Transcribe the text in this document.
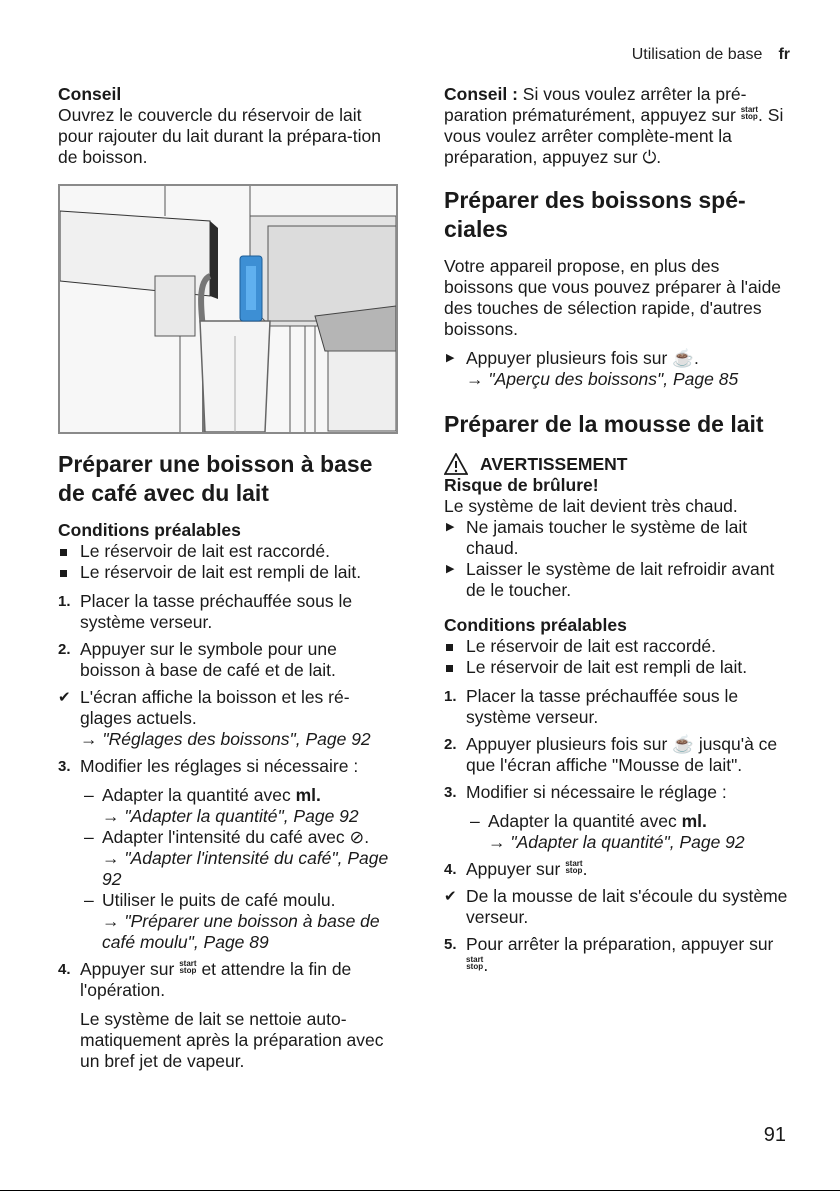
Utilisation de base fr

Conseil

Ouvrez le couvercle du réservoir de lait pour rajouter du lait durant la prépara-tion de boisson.

Préparer une boisson à base de café avec du lait

Conditions préalables

Le réservoir de lait est raccordé.

Le réservoir de lait est rempli de lait.

1. Placer la tasse préchauffée sous le système verseur.

2. Appuyer sur le symbole pour une boisson à base de café et de lait.

✔ L'écran affiche la boisson et les ré-glages actuels.

→ "Réglages des boissons", Page 92

3. Modifier les réglages si nécessaire :

– Adapter la quantité avec ml.

→ "Adapter la quantité", Page 92

– Adapter l'intensité du café avec ⊘.

→ "Adapter l'intensité du café", Page 92

– Utiliser le puits de café moulu.

→ "Préparer une boisson à base de café moulu", Page 89

4. Appuyer sur start
stop et attendre la fin de l'opération.

Le système de lait se nettoie auto-matiquement après la préparation avec un bref jet de vapeur.

Conseil : Si vous voulez arrêter la pré-paration prématurément, appuyez sur start
stop. Si vous voulez arrêter complète-ment la préparation, appuyez sur ⏻.

Préparer des boissons spé-ciales

Votre appareil propose, en plus des boissons que vous pouvez préparer à l'aide des touches de sélection rapide, d'autres boissons.

▶ Appuyer plusieurs fois sur ☕.

→ "Aperçu des boissons", Page 85

Préparer de la mousse de lait
AVERTISSEMENT

Risque de brûlure!

Le système de lait devient très chaud.

▶ Ne jamais toucher le système de lait chaud.

▶ Laisser le système de lait refroidir avant de le toucher.

Conditions préalables

Le réservoir de lait est raccordé.

Le réservoir de lait est rempli de lait.

1. Placer la tasse préchauffée sous le système verseur.

2. Appuyer plusieurs fois sur ☕ jusqu'à ce que l'écran affiche "Mousse de lait".

3. Modifier si nécessaire le réglage :

– Adapter la quantité avec ml.

→ "Adapter la quantité", Page 92

4. Appuyer sur start
stop.

✔ De la mousse de lait s'écoule du système verseur.

5. Pour arrêter la préparation, appuyer sur start
stop.

91
